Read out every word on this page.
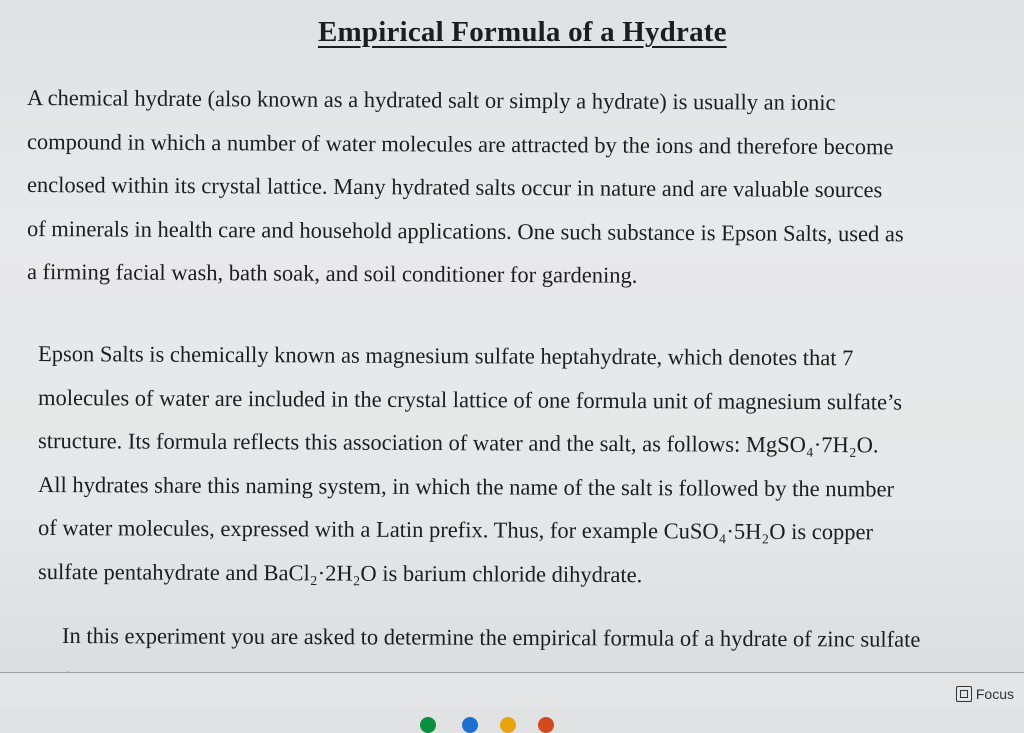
Empirical Formula of a Hydrate
A chemical hydrate (also known as a hydrated salt or simply a hydrate) is usually an ionic
compound in which a number of water molecules are attracted by the ions and therefore become
enclosed within its crystal lattice. Many hydrated salts occur in nature and are valuable sources
of minerals in health care and household applications. One such substance is Epson Salts, used as
a firming facial wash, bath soak, and soil conditioner for gardening.
Epson Salts is chemically known as magnesium sulfate heptahydrate, which denotes that 7
molecules of water are included in the crystal lattice of one formula unit of magnesium sulfate’s
structure. Its formula reflects this association of water and the salt, as follows: MgSO₄·7H₂O.
All hydrates share this naming system, in which the name of the salt is followed by the number
of water molecules, expressed with a Latin prefix. Thus, for example CuSO₄·5H₂O is copper
sulfate pentahydrate and BaCl₂·2H₂O is barium chloride dihydrate.
In this experiment you are asked to determine the empirical formula of a hydrate of zinc sulfate
Focus
